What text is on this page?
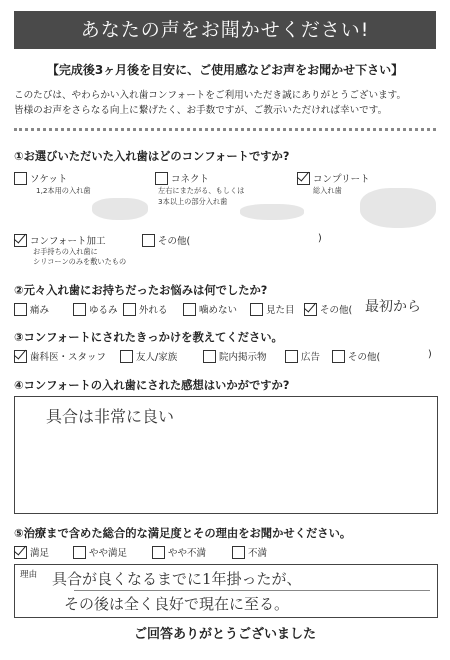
あなたの声をお聞かせください!
【完成後3ヶ月後を目安に、ご使用感などお声をお聞かせ下さい】
このたびは、やわらかい入れ歯コンフォートをご利用いただき誠にありがとうございます。
皆様のお声をさらなる向上に繋げたく、お手数ですが、ご教示いただければ幸いです。
①お選びいただいた入れ歯はどのコンフォートですか?
ソケット
1,2本用の入れ歯
コネクト
左右にまたがる、もしくは
3本以上の部分入れ歯
コンプリート
総入れ歯
コンフォート加工
お手持ちの入れ歯に
シリコーンのみを敷いたもの
その他(	)
②元々入れ歯にお持ちだったお悩みは何でしたか?
痛み	ゆるみ 外れる	噛めない	見た目	その他( 最初から
③コンフォートにされたきっかけを教えてください。
歯科医・スタッフ	友人/家族	院内掲示物	広告	その他(	)
④コンフォートの入れ歯にされた感想はいかがですか?
具合は非常に良い
⑤治療まで含めた総合的な満足度とその理由をお聞かせください。
満足	やや満足	やや不満	不満
理由 具合が良くなるまでに1年掛ったが、
その後は全く良好で現在に至る。
ご回答ありがとうございました
